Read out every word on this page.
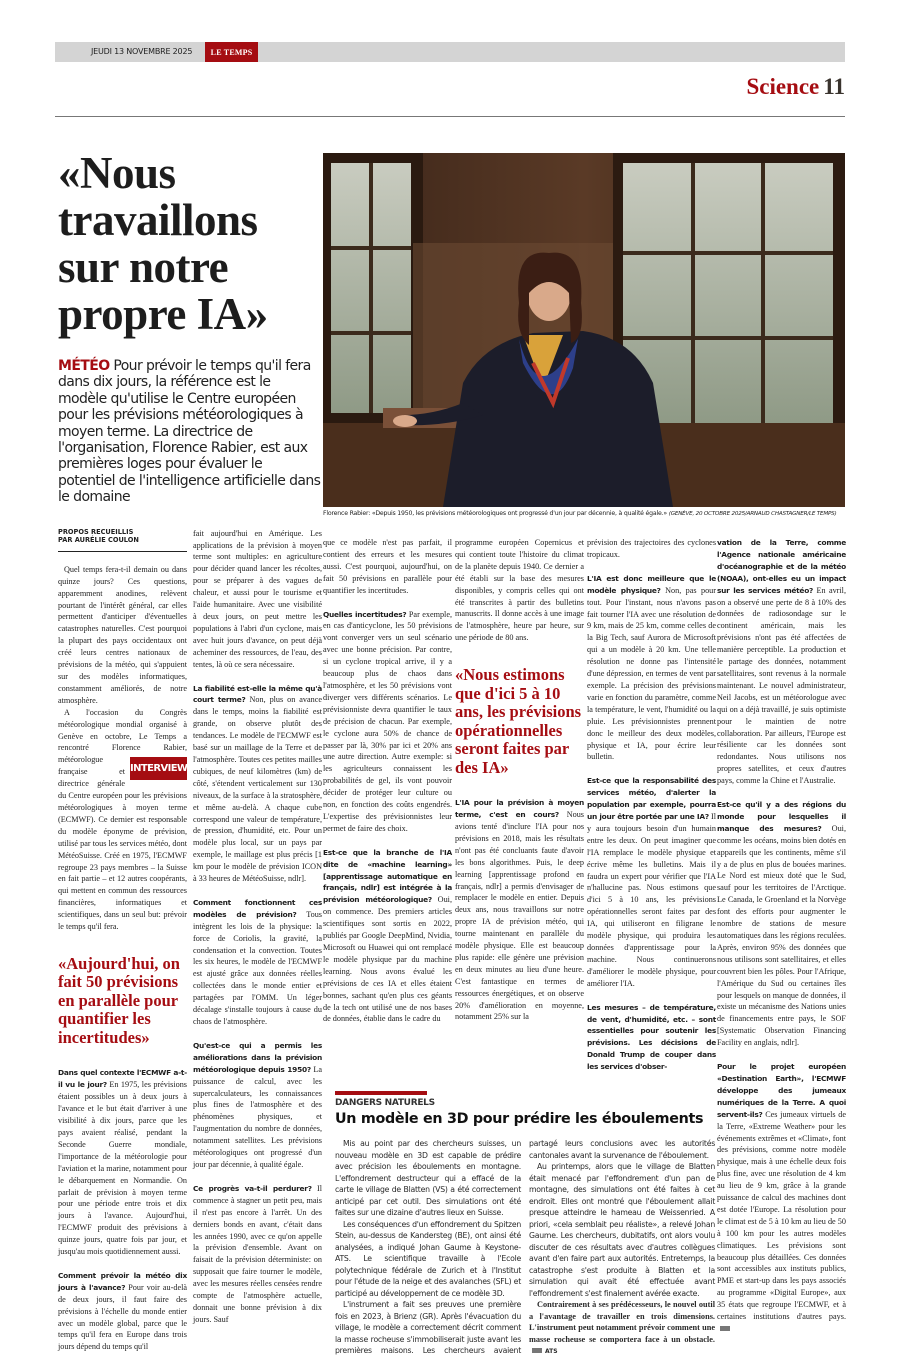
JEUDI 13 NOVEMBRE 2025	LE TEMPS
Science 11
«Nous travaillons sur notre propre IA»
MÉTÉO Pour prévoir le temps qu'il fera dans dix jours, la référence est le modèle qu'utilise le Centre européen pour les prévisions météorologiques à moyen terme. La directrice de l'organisation, Florence Rabier, est aux premières loges pour évaluer le potentiel de l'intelligence artificielle dans le domaine
PROPOS RECUEILLIS
PAR AURÉLIE COULON

Quel temps fera-t-il demain ou dans quinze jours? Ces questions, apparemment anodines, relèvent pourtant de l'intérêt général, car elles permettent d'anticiper d'éventuelles catastrophes naturelles. C'est pourquoi la plupart des pays occidentaux ont créé leurs centres nationaux de prévisions de la météo, qui s'appuient sur des modèles informatiques, constamment améliorés, de notre atmosphère.

A l'occasion du Congrès météorologique mondial organisé à Genève en octobre, Le Temps a rencontré Florence Rabier,
INTERVIEW
météorologue française et directrice générale du Centre européen pour les prévisions météorologiques à moyen terme (ECMWF). Ce dernier est responsable du modèle éponyme de prévision, utilisé par tous les services météo, dont MétéoSuisse. Créé en 1975, l'ECMWF regroupe 23 pays membres – la Suisse en fait partie – et 12 autres coopérants, qui mettent en commun des ressources financières, informatiques et scientifiques, dans un seul but: prévoir le temps qu'il fera.

«Aujourd'hui, on fait 50 prévisions en parallèle pour quantifier les incertitudes»

Dans quel contexte l'ECMWF a-t-il vu le jour? En 1975, les prévisions étaient possibles un à deux jours à l'avance et le but était d'arriver à une visibilité à dix jours, parce que les pays avaient réalisé, pendant la Seconde Guerre mondiale, l'importance de la météorologie pour l'aviation et la marine, notamment pour le débarquement en Normandie. On parlait de prévision à moyen terme pour une période entre trois et dix jours à l'avance. Aujourd'hui, l'ECMWF produit des prévisions à quinze jours, quatre fois par jour, et jusqu'au mois quotidiennement aussi.

Comment prévoir la météo dix jours à l'avance? Pour voir au-delà de deux jours, il faut faire des prévisions à l'échelle du monde entier avec un modèle global, parce que le temps qu'il fera en Europe dans trois jours dépend du temps qu'il

fait aujourd'hui en Amérique. Les applications de la prévision à moyen terme sont multiples: en agriculture pour décider quand lancer les récoltes, pour se préparer à des vagues de chaleur, et aussi pour le tourisme et l'aide humanitaire. Avec une visibilité à deux jours, on peut mettre les populations à l'abri d'un cyclone, mais avec huit jours d'avance, on peut déjà acheminer des ressources, de l'eau, des tentes, là où ce sera nécessaire.

La fiabilité est-elle la même qu'à court terme? Non, plus on avance dans le temps, moins la fiabilité est grande, on observe plutôt des tendances. Le modèle de l'ECMWF est basé sur un maillage de la Terre et de l'atmosphère. Toutes ces petites mailles cubiques, de neuf kilomètres (km) de côté, s'étendent verticalement sur 130 niveaux, de la surface à la stratosphère, et même au-delà. A chaque cube correspond une valeur de température, de pression, d'humidité, etc. Pour un modèle plus local, sur un pays par exemple, le maillage est plus précis [1 km pour le modèle de prévision ICON à 33 heures de MétéoSuisse, ndlr].

Comment fonctionnent ces modèles de prévision? Tous intègrent les lois de la physique: la force de Coriolis, la gravité, la condensation et la convection. Toutes les six heures, le modèle de l'ECMWF est ajusté grâce aux données réelles collectées dans le monde entier et partagées par l'OMM. Un léger décalage s'installe toujours à cause du chaos de l'atmosphère.

Qu'est-ce qui a permis les améliorations dans la prévision météorologique depuis 1950? La puissance de calcul, avec les supercalculateurs, les connaissances plus fines de l'atmosphère et des phénomènes physiques, et l'augmentation du nombre de données, notamment satellites. Les prévisions météorologiques ont progressé d'un jour par décennie, à qualité égale.

Ce progrès va-t-il perdurer? Il commence à stagner un petit peu, mais il n'est pas encore à l'arrêt. Un des derniers bonds en avant, c'était dans les années 1990, avec ce qu'on appelle la prévision d'ensemble. Avant on faisait de la prévision déterministe: on supposait que faire tourner le modèle, avec les mesures réelles censées rendre compte de l'atmosphère actuelle, donnait une bonne prévision à dix jours. Sauf

Florence Rabier: «Depuis 1950, les prévisions météorologiques ont progressé d'un jour par décennie, à qualité égale.» (GENÈVE, 20 OCTOBRE 2025/ARNAUD CHASTAGNER/LE TEMPS)

que ce modèle n'est pas parfait, il contient des erreurs et les mesures aussi. C'est pourquoi, aujourd'hui, on fait 50 prévisions en parallèle pour quantifier les incertitudes.

Quelles incertitudes? Par exemple, en cas d'anticyclone, les 50 prévisions vont converger vers un seul scénario avec une bonne précision. Par contre, si un cyclone tropical arrive, il y a beaucoup plus de chaos dans l'atmosphère, et les 50 prévisions vont diverger vers différents scénarios. Le prévisionniste devra quantifier le taux de précision de chacun. Par exemple, le cyclone aura 50% de chance de passer par là, 30% par ici et 20% ans une autre direction. Autre exemple: si les agriculteurs connaissent les probabilités de gel, ils vont pouvoir décider de protéger leur culture ou non, en fonction des coûts engendrés. L'expertise des prévisionnistes leur permet de faire des choix.

Est-ce que la branche de l'IA dite de «machine learning» [apprentissage automatique en français, ndlr] est intégrée à la prévision météorologique? Oui, on commence. Des premiers articles scientifiques sont sortis en 2022, publiés par Google DeepMind, Nvidia, Microsoft ou Huawei qui ont remplacé le modèle physique par du machine learning. Nous avons évalué les prévisions de ces IA et elles étaient bonnes, sachant qu'en plus ces géants de la tech ont utilisé une de nos bases de données, établie dans le cadre du

programme européen Copernicus et qui contient toute l'histoire du climat de la planète depuis 1940. Ce dernier a été établi sur la base des mesures disponibles, y compris celles qui ont été transcrites à partir des bulletins manuscrits. Il donne accès à une image de l'atmosphère, heure par heure, sur une période de 80 ans.

«Nous estimons que d'ici 5 à 10 ans, les prévisions opérationnelles seront faites par des IA»

L'IA pour la prévision à moyen terme, c'est en cours? Nous avions tenté d'inclure l'IA pour nos prévisions en 2018, mais les résultats n'ont pas été concluants faute d'avoir les bons algorithmes. Puis, le deep learning [apprentissage profond en français, ndlr] a permis d'envisager de remplacer le modèle en entier. Depuis deux ans, nous travaillons sur notre propre IA de prévision météo, qui tourne maintenant en parallèle du modèle physique. Elle est beaucoup plus rapide: elle génère une prévision en deux minutes au lieu d'une heure. C'est fantastique en termes de ressources énergétiques, et on observe 20% d'amélioration en moyenne, notamment 25% sur la

prévision des trajectoires des cyclones tropicaux.

L'IA est donc meilleure que le modèle physique? Non, pas pour tout. Pour l'instant, nous n'avons pas fait tourner l'IA avec une résolution de 9 km, mais de 25 km, comme celles de la Big Tech, sauf Aurora de Microsoft qui a un modèle à 20 km. Une telle résolution ne donne pas l'intensité d'une dépression, en termes de vent par exemple. La précision des prévisions varie en fonction du paramètre, comme la température, le vent, l'humidité ou la pluie. Les prévisionnistes prennent donc le meilleur des deux modèles, physique et IA, pour écrire leur bulletin.

Est-ce que la responsabilité des services météo, d'alerter la population par exemple, pourra un jour être portée par une IA? Il y aura toujours besoin d'un humain entre les deux. On peut imaginer que l'IA remplace le modèle physique et écrive même les bulletins. Mais il faudra un expert pour vérifier que l'IA n'hallucine pas. Nous estimons que d'ici 5 à 10 ans, les prévisions opérationnelles seront faites par des IA, qui utiliseront en filigrane le modèle physique, qui produira les données d'apprentissage pour la machine. Nous continuerons d'améliorer le modèle physique, pour améliorer l'IA.

Les mesures – de température, de vent, d'humidité, etc. – sont essentielles pour soutenir les prévisions. Les décisions de Donald Trump de couper dans les services d'obser-

DANGERS NATURELS
Un modèle en 3D pour prédire les éboulements

Mis au point par des chercheurs suisses, un nouveau modèle en 3D est capable de prédire avec précision les éboulements en montagne. L'effondrement destructeur qui a effacé de la carte le village de Blatten (VS) a été correctement anticipé par cet outil. Des simulations ont été faites sur une dizaine d'autres lieux en Suisse.

Les conséquences d'un effondrement du Spitzen Stein, au-dessus de Kandersteg (BE), ont ainsi été analysées, a indiqué Johan Gaume à Keystone-ATS. Le scientifique travaille à l'Ecole polytechnique fédérale de Zurich et à l'Institut pour l'étude de la neige et des avalanches (SFL) et participé au développement de ce modèle 3D.

L'instrument a fait ses preuves une première fois en 2023, à Brienz (GR). Après l'évacuation du village, le modèle a correctement décrit comment la masse rocheuse s'immobiliserait juste avant les premières maisons. Les chercheurs avaient partagé leurs conclusions avec les autorités cantonales avant la survenance de l'éboulement.

Au printemps, alors que le village de Blatten était menacé par l'effondrement d'un pan de montagne, des simulations ont été faites à cet endroit. Elles ont montré que l'éboulement allait presque atteindre le hameau de Weissenried. A priori, «cela semblait peu réaliste», a relevé Johan Gaume. Les chercheurs, dubitatifs, ont alors voulu discuter de ces résultats avec d'autres collègues avant d'en faire part aux autorités. Entretemps, la catastrophe s'est produite à Blatten et la simulation qui avait été effectuée avant l'effondrement s'est finalement avérée exacte.

Contrairement à ses prédécesseurs, le nouvel outil a l'avantage de travailler en trois dimensions. L'instrument peut notamment prévoir comment une masse rocheuse se comportera face à un obstacle.ATS

vation de la Terre, comme l'Agence nationale américaine d'océanographie et de la météo (NOAA), ont-elles eu un impact sur les services météo? En avril, on a observé une perte de 8 à 10% des données de radiosondage sur le continent américain, mais les prévisions n'ont pas été affectées de manière perceptible. La production et le partage des données, notamment satellitaires, sont revenus à la normale maintenant. Le nouvel administrateur, Neil Jacobs, est un météorologue avec qui on a déjà travaillé, je suis optimiste pour le maintien de notre collaboration. Par ailleurs, l'Europe est résiliente car les données sont redondantes. Nous utilisons nos propres satellites, et ceux d'autres pays, comme la Chine et l'Australie.

Est-ce qu'il y a des régions du monde pour lesquelles il manque des mesures? Oui, comme les océans, moins bien dotés en appareils que les continents, même s'il y a de plus en plus de bouées marines. Le Nord est mieux doté que le Sud, sauf pour les territoires de l'Arctique. Le Canada, le Groenland et la Norvège font des efforts pour augmenter le nombre de stations de mesure automatiques dans les régions reculées. Après, environ 95% des données que nous utilisons sont satellitaires, et elles couvrent bien les pôles. Pour l'Afrique, l'Amérique du Sud ou certaines îles pour lesquels on manque de données, il existe un mécanisme des Nations unies de financements entre pays, le SOF [Systematic Observation Financing Facility en anglais, ndlr].

Pour le projet européen «Destination Earth», l'ECMWF développe des jumeaux numériques de la Terre. A quoi servent-ils? Ces jumeaux virtuels de la Terre, «Extreme Weather» pour les événements extrêmes et «Climat», font des prévisions, comme notre modèle physique, mais à une échelle deux fois plus fine, avec une résolution de 4 km au lieu de 9 km, grâce à la grande puissance de calcul des machines dont est dotée l'Europe. La résolution pour le climat est de 5 à 10 km au lieu de 50 à 100 km pour les autres modèles climatiques. Les prévisions sont beaucoup plus détaillées. Ces données sont accessibles aux instituts publics, PME et start-up dans les pays associés au programme «Digital Europe», aux 35 états que regroupe l'ECMWF, et à certaines institutions d'autres pays.
